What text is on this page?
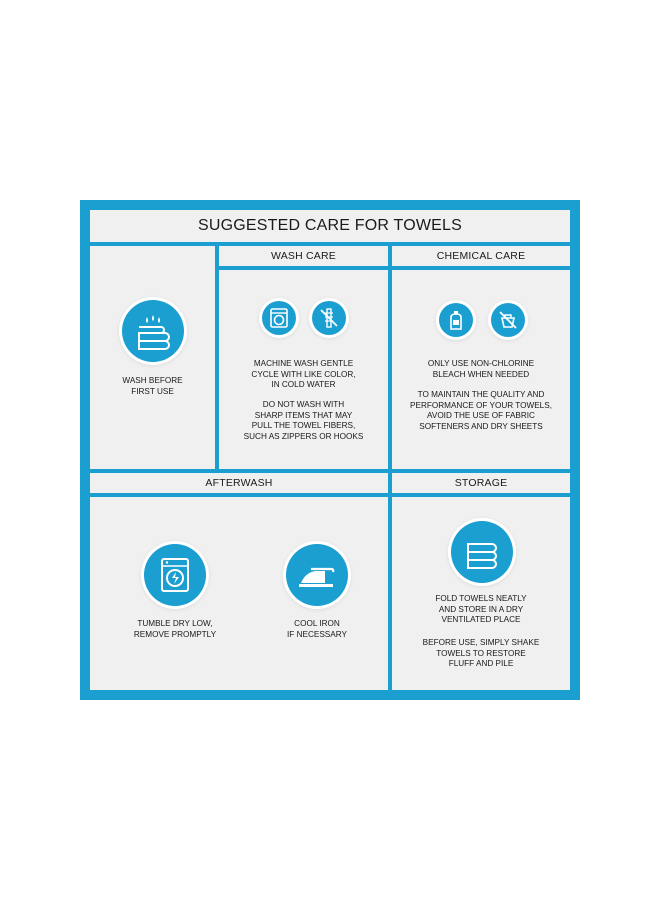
SUGGESTED CARE FOR TOWELS
WASH BEFORE
FIRST USE
WASH CARE
MACHINE WASH GENTLE
CYCLE WITH LIKE COLOR,
IN COLD WATER
DO NOT WASH WITH
SHARP ITEMS THAT MAY
PULL THE TOWEL FIBERS,
SUCH AS ZIPPERS OR HOOKS
CHEMICAL CARE
ONLY USE NON-CHLORINE
BLEACH WHEN NEEDED
TO MAINTAIN THE QUALITY AND
PERFORMANCE OF YOUR TOWELS,
AVOID THE USE OF FABRIC
SOFTENERS AND DRY SHEETS
AFTERWASH
TUMBLE DRY LOW,
REMOVE PROMPTLY
COOL IRON
IF NECESSARY
STORAGE
FOLD TOWELS NEATLY
AND STORE IN A DRY
VENTILATED PLACE
BEFORE USE, SIMPLY SHAKE
TOWELS TO RESTORE
FLUFF AND PILE
